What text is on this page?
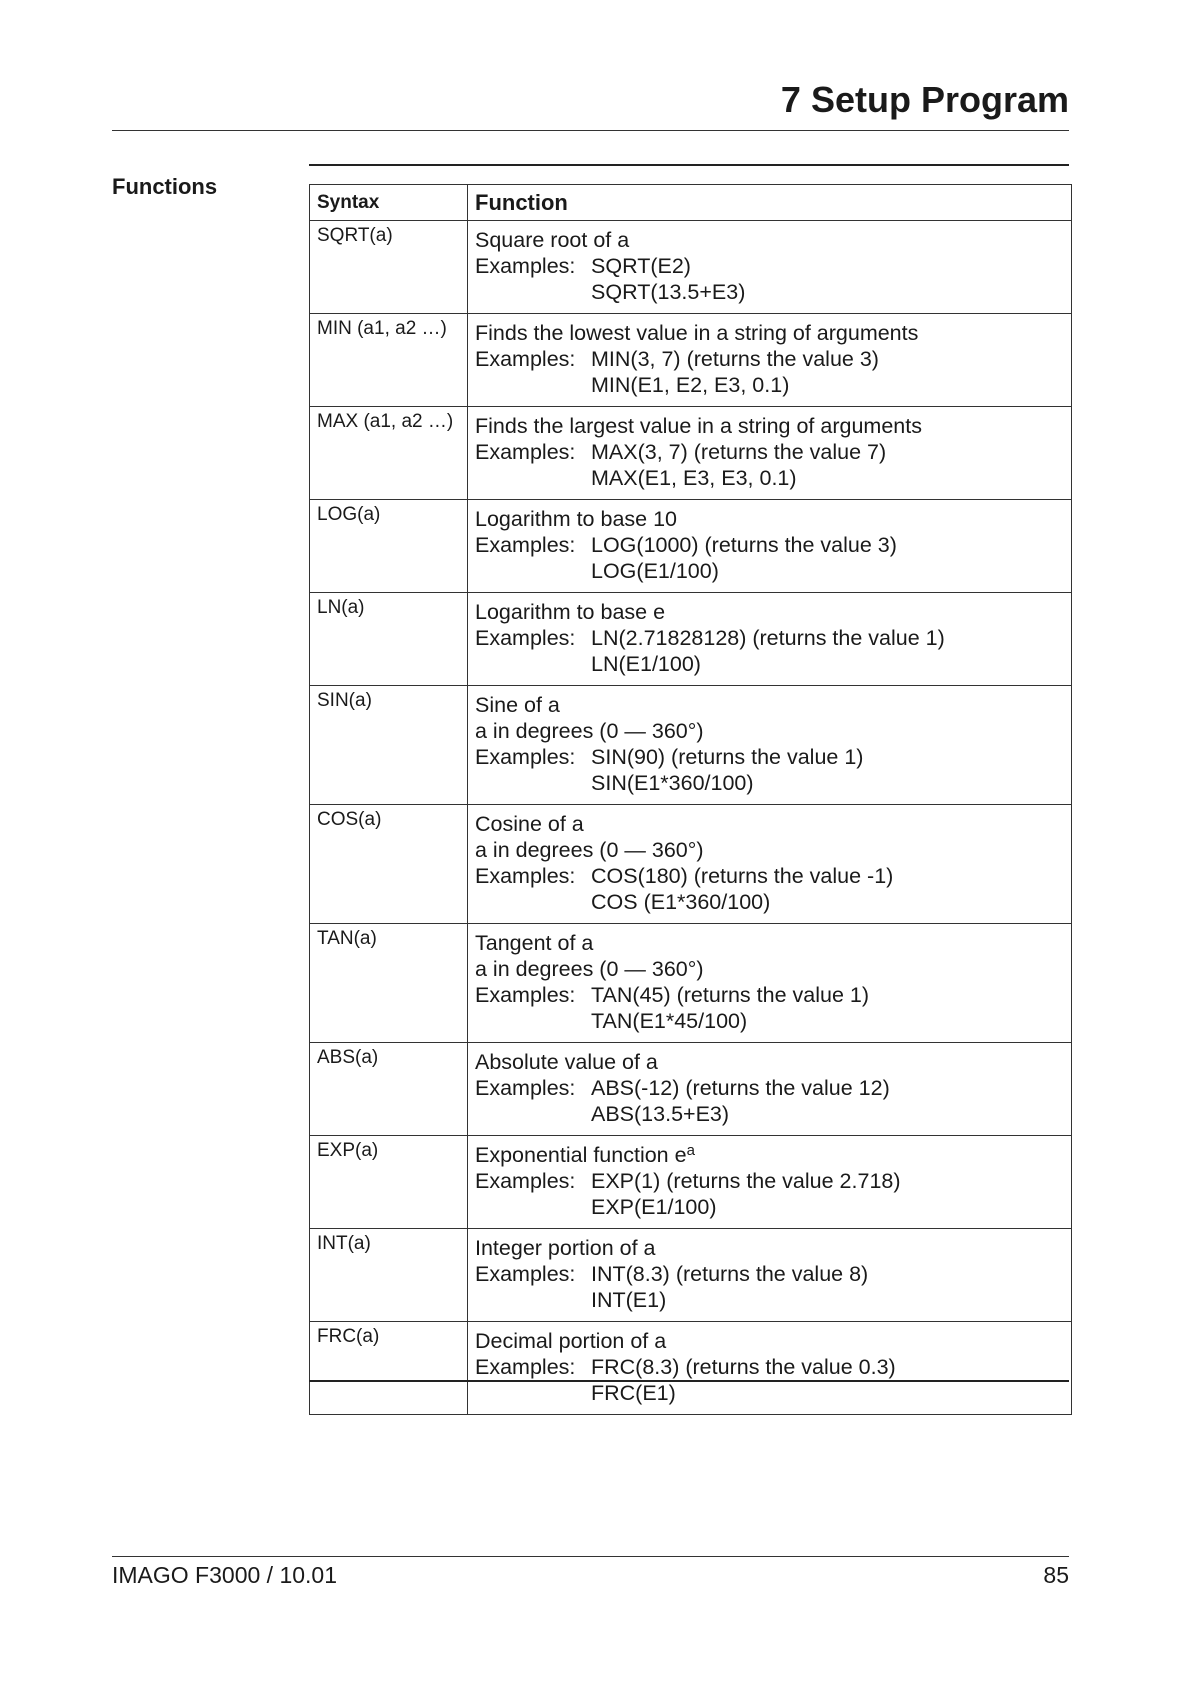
7 Setup Program
Functions
Syntax	Function
SQRT(a)	Square root of a
Examples: SQRT(E2)
SQRT(13.5+E3)

MIN (a1, a2 …)	Finds the lowest value in a string of arguments
Examples: MIN(3, 7) (returns the value 3)
MIN(E1, E2, E3, 0.1)

MAX (a1, a2 …)	Finds the largest value in a string of arguments
Examples: MAX(3, 7) (returns the value 7)
MAX(E1, E3, E3, 0.1)

LOG(a)	Logarithm to base 10
Examples: LOG(1000) (returns the value 3)
LOG(E1/100)

LN(a)	Logarithm to base e
Examples: LN(2.71828128) (returns the value 1)
LN(E1/100)

SIN(a)	Sine of a
a in degrees (0 — 360°)
Examples: SIN(90) (returns the value 1)
SIN(E1*360/100)

COS(a)	Cosine of a
a in degrees (0 — 360°)
Examples: COS(180) (returns the value -1)
COS (E1*360/100)

TAN(a)	Tangent of a
a in degrees (0 — 360°)
Examples: TAN(45) (returns the value 1)
TAN(E1*45/100)

ABS(a)	Absolute value of a
Examples: ABS(-12) (returns the value 12)
ABS(13.5+E3)

EXP(a)	Exponential function $e^a$
Examples: EXP(1) (returns the value 2.718)
EXP(E1/100)

INT(a)	Integer portion of a
Examples: INT(8.3) (returns the value 8)
INT(E1)

FRC(a)	Decimal portion of a
Examples: FRC(8.3) (returns the value 0.3)
FRC(E1)
IMAGO F3000 / 10.01	85
